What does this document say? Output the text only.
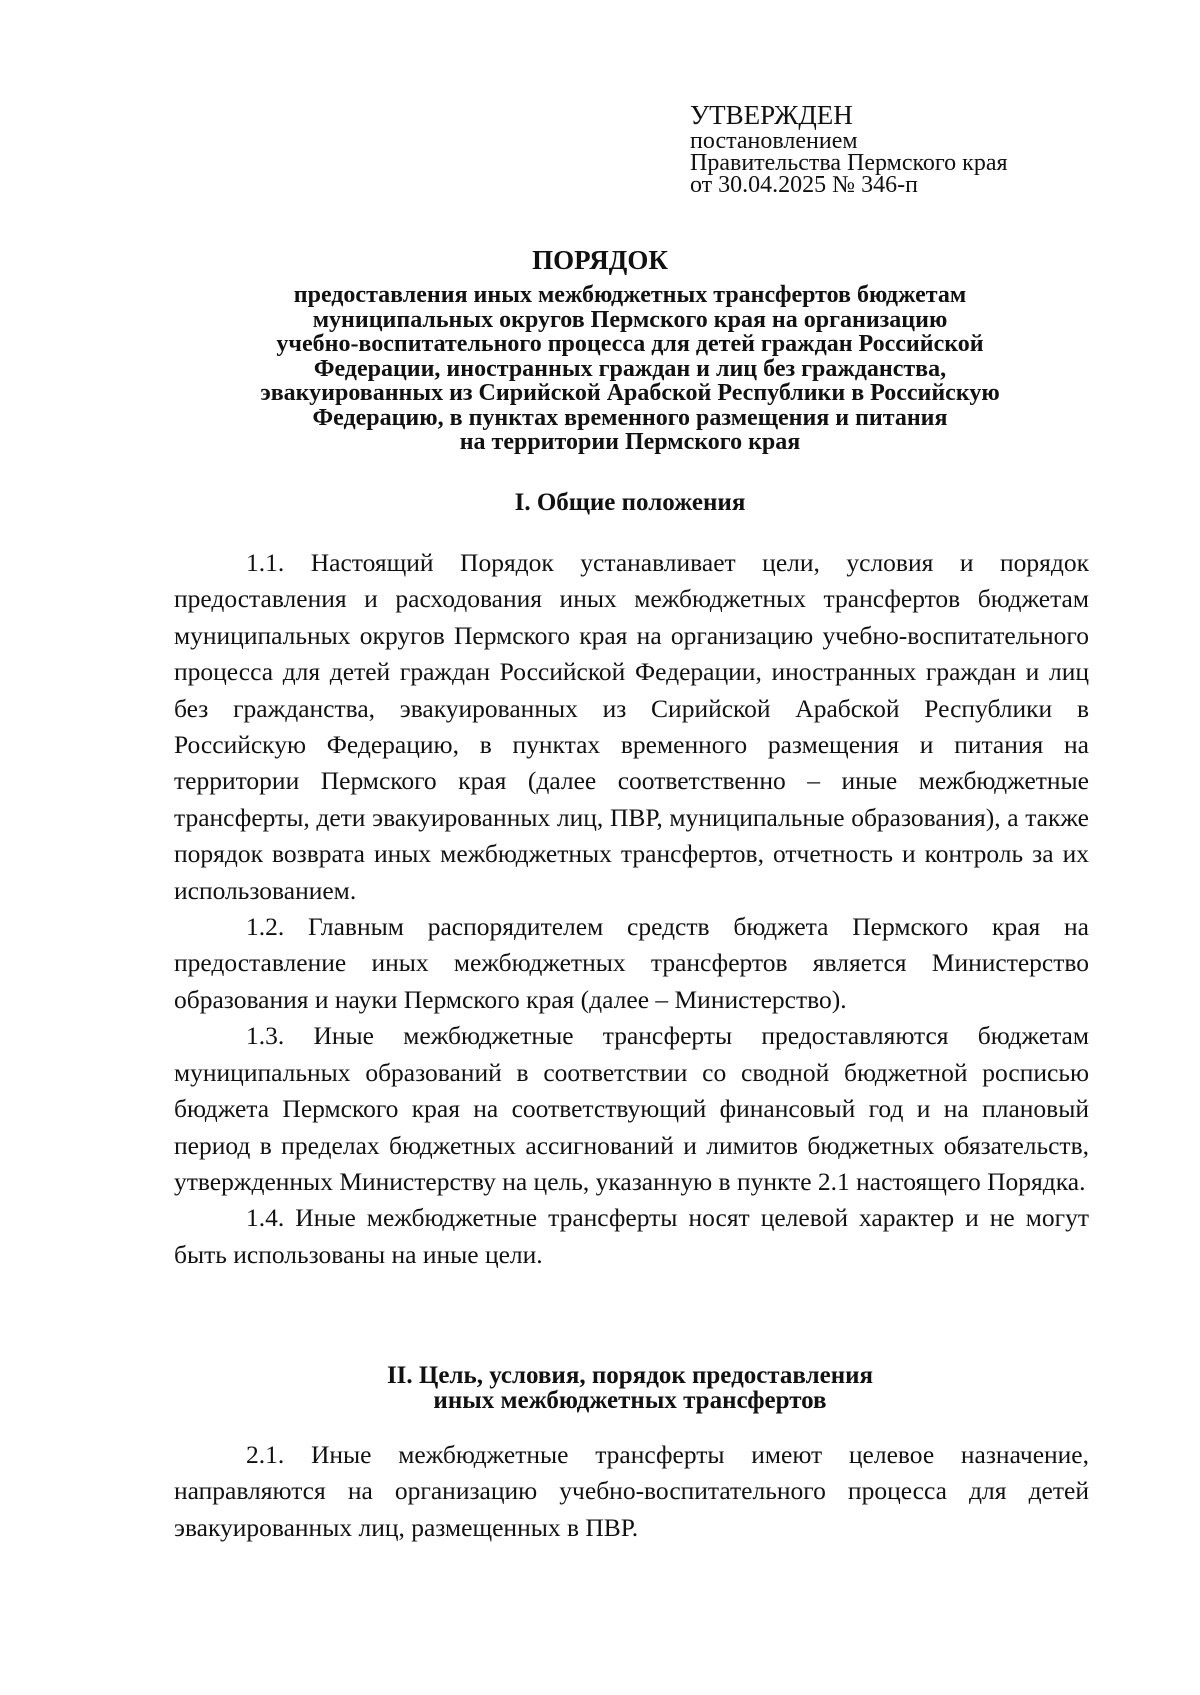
УТВЕРЖДЕН
постановлением
Правительства Пермского края
от 30.04.2025 № 346-п
ПОРЯДОК
предоставления иных межбюджетных трансфертов бюджетам
муниципальных округов Пермского края на организацию
учебно-воспитательного процесса для детей граждан Российской
Федерации, иностранных граждан и лиц без гражданства,
эвакуированных из Сирийской Арабской Республики в Российскую
Федерацию, в пунктах временного размещения и питания
на территории Пермского края
I. Общие положения

1.1. Настоящий Порядок устанавливает цели, условия и порядок предоставления и расходования иных межбюджетных трансфертов бюджетам муниципальных округов Пермского края на организацию учебно-воспитательного процесса для детей граждан Российской Федерации, иностранных граждан и лиц без гражданства, эвакуированных из Сирийской Арабской Республики в Российскую Федерацию, в пунктах временного размещения и питания на территории Пермского края (далее соответственно – иные межбюджетные трансферты, дети эвакуированных лиц, ПВР, муниципальные образования), а также порядок возврата иных межбюджетных трансфертов, отчетность и контроль за их использованием.

1.2. Главным распорядителем средств бюджета Пермского края на предоставление иных межбюджетных трансфертов является Министерство образования и науки Пермского края (далее – Министерство).

1.3. Иные межбюджетные трансферты предоставляются бюджетам муниципальных образований в соответствии со сводной бюджетной росписью бюджета Пермского края на соответствующий финансовый год и на плановый период в пределах бюджетных ассигнований и лимитов бюджетных обязательств, утвержденных Министерству на цель, указанную в пункте 2.1 настоящего Порядка.

1.4. Иные межбюджетные трансферты носят целевой характер и не могут быть использованы на иные цели.

II. Цель, условия, порядок предоставления
иных межбюджетных трансфертов

2.1. Иные межбюджетные трансферты имеют целевое назначение, направляются на организацию учебно-воспитательного процесса для детей эвакуированных лиц, размещенных в ПВР.
